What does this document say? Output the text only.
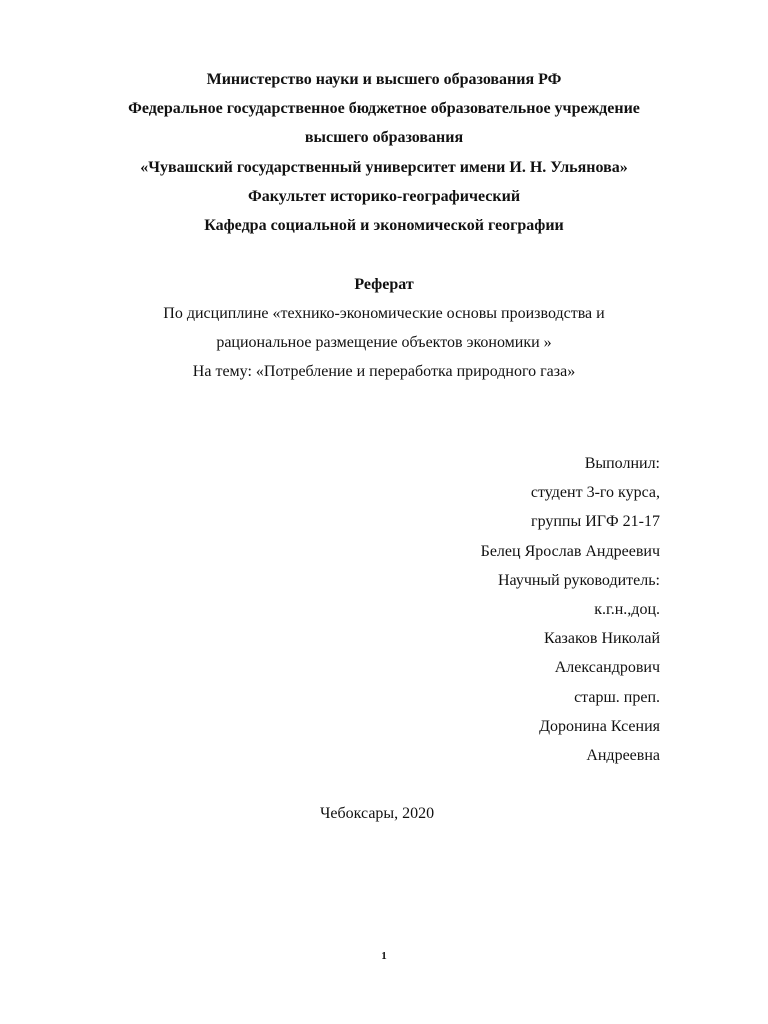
Министерство науки и высшего образования РФ
Федеральное государственное бюджетное образовательное учреждение
высшего образования
«Чувашский государственный университет имени И. Н. Ульянова»
Факультет историко-географический
Кафедра социальной и экономической географии
Реферат
По дисциплине «технико-экономические основы производства и
рациональное размещение объектов экономики »
На тему: «Потребление и переработка природного газа»
Выполнил:
студент 3-го курса,
группы ИГФ 21-17
Белец Ярослав Андреевич
Научный руководитель:
к.г.н.,доц.
Казаков Николай
Александрович
старш. преп.
Доронина Ксения
Андреевна
Чебоксары, 2020
1
